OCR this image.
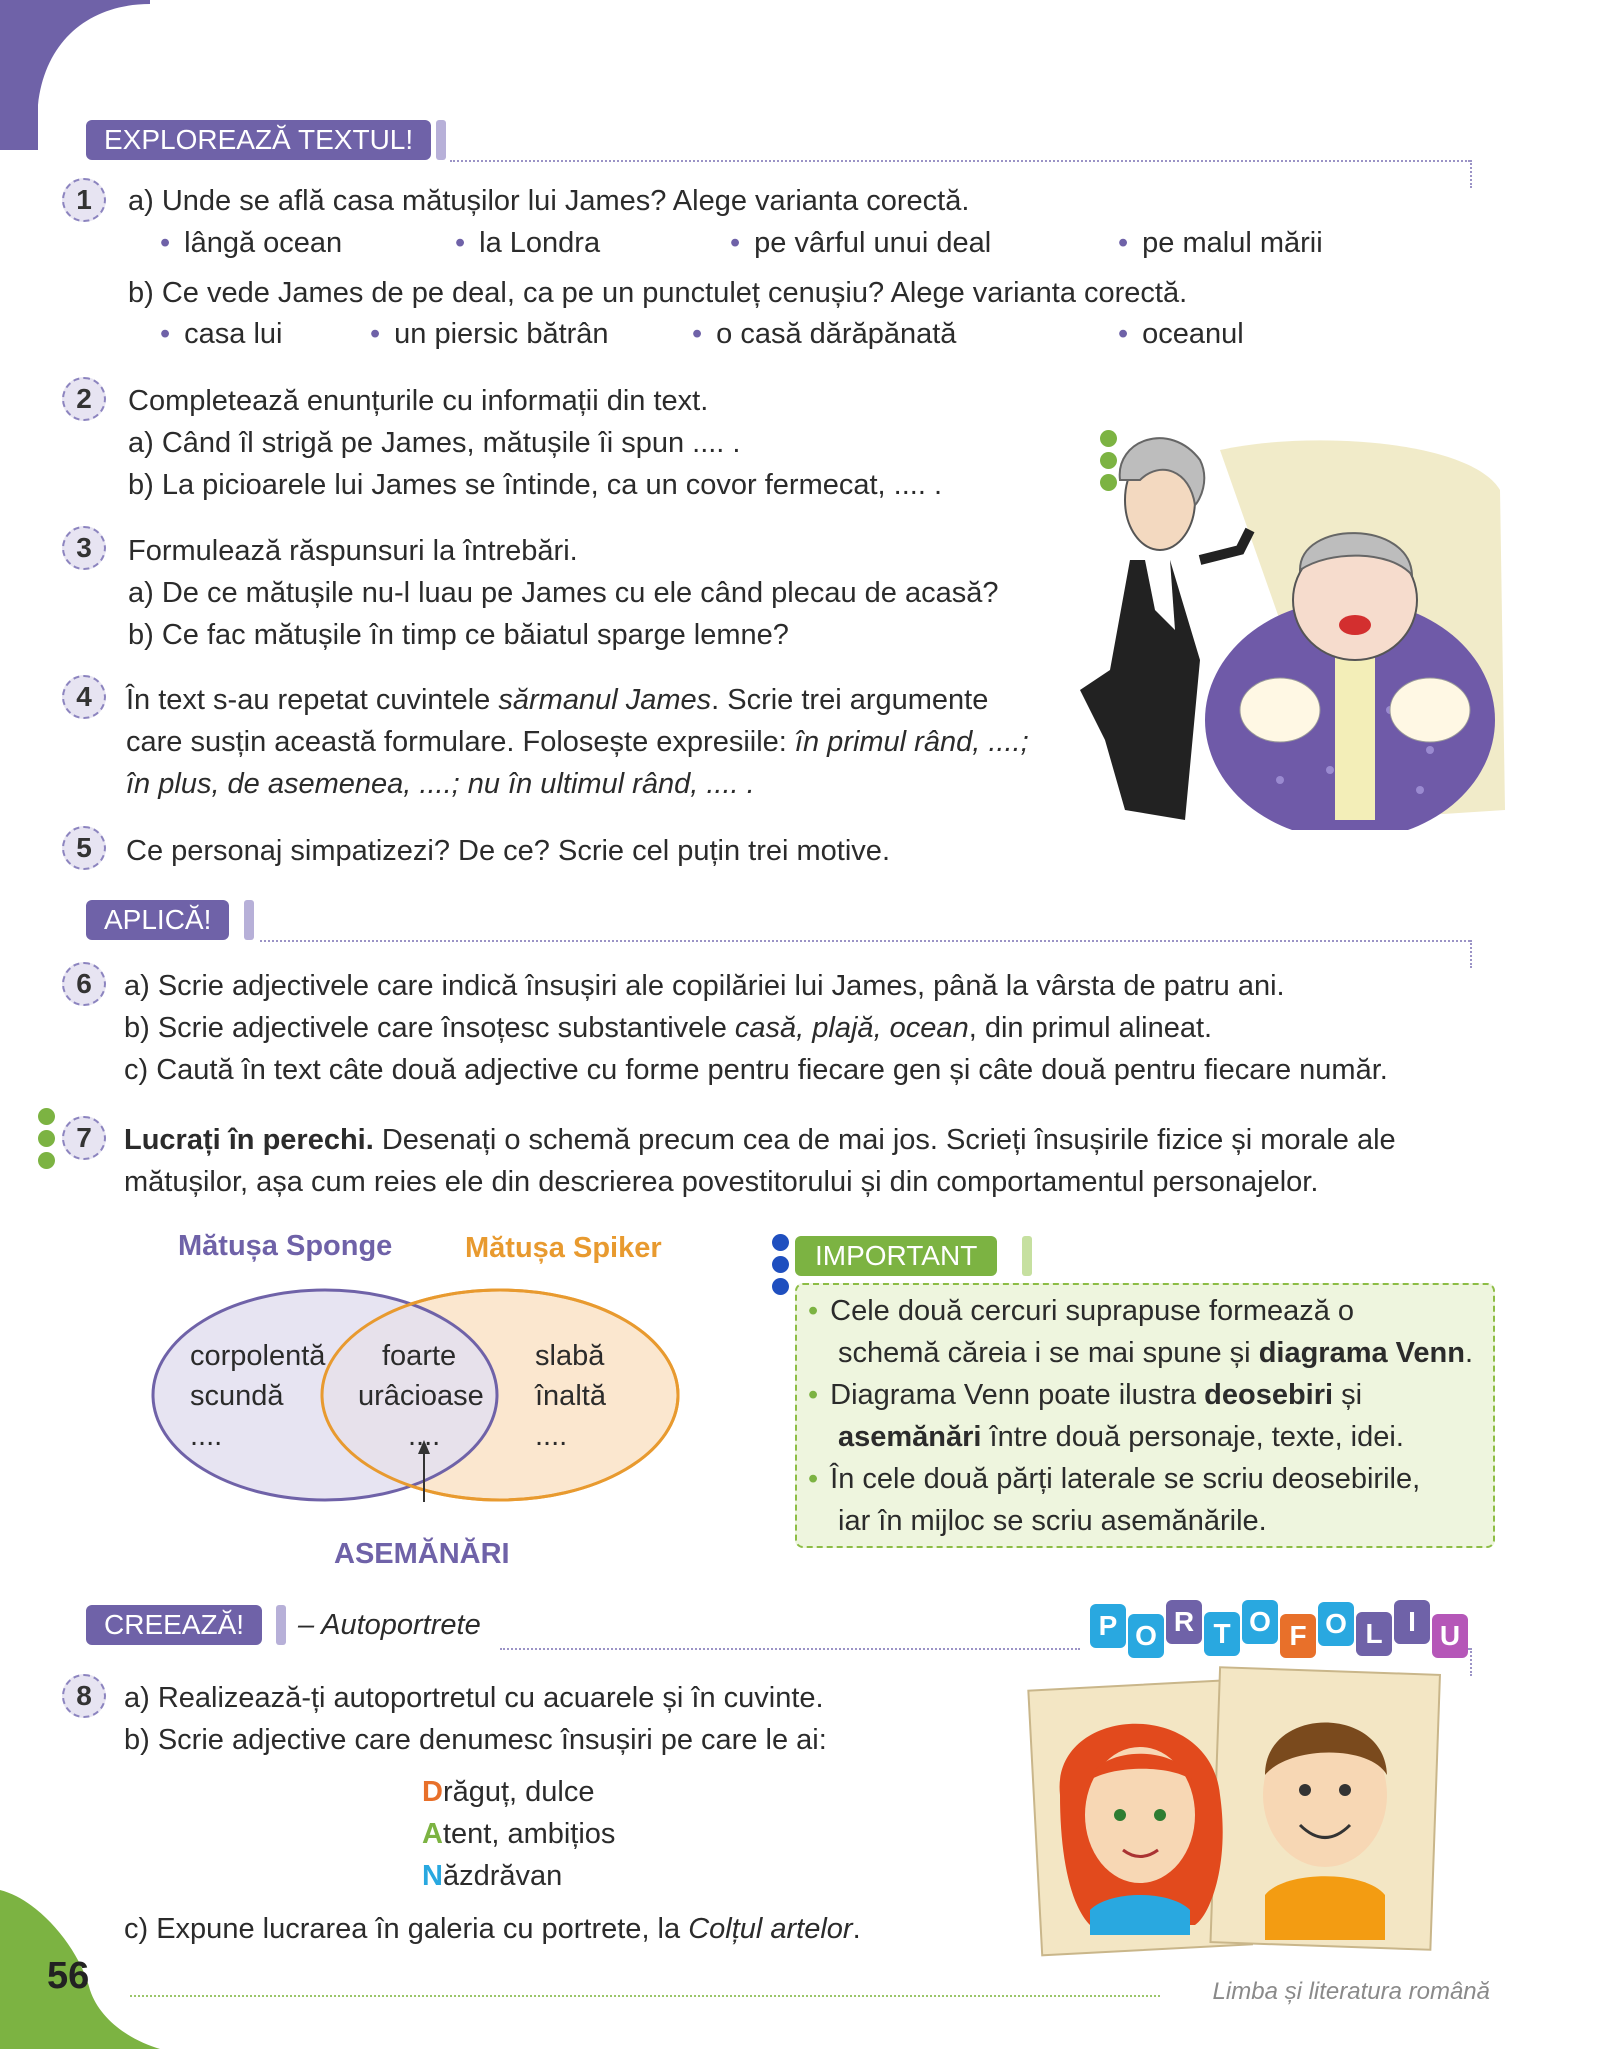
EXPLOREAZĂ TEXTUL!
1	a) Unde se află casa mătușilor lui James? Alege varianta corectă.
• lângă ocean	• la Londra	• pe vârful unui deal	• pe malul mării
b) Ce vede James de pe deal, ca pe un punctuleț cenușiu? Alege varianta corectă.
• casa lui	• un piersic bătrân	• o casă dărăpănată	• oceanul
2	Completează enunțurile cu informații din text.
a) Când îl strigă pe James, mătușile îi spun .... .
b) La picioarele lui James se întinde, ca un covor fermecat, .... .
3	Formulează răspunsuri la întrebări.
a) De ce mătușile nu-l luau pe James cu ele când plecau de acasă?
b) Ce fac mătușile în timp ce băiatul sparge lemne?
4	În text s-au repetat cuvintele sărmanul James. Scrie trei argumente
care susțin această formulare. Folosește expresiile: în primul rând, ....;
în plus, de asemenea, ....; nu în ultimul rând, .... .
5	Ce personaj simpatizezi? De ce? Scrie cel puțin trei motive.
APLICĂ!
6	a) Scrie adjectivele care indică însușiri ale copilăriei lui James, până la vârsta de patru ani.
b) Scrie adjectivele care însoțesc substantivele casă, plajă, ocean, din primul alineat.
c) Caută în text câte două adjective cu forme pentru fiecare gen și câte două pentru fiecare număr.
7	Lucrați în perechi. Desenați o schemă precum cea de mai jos. Scrieți însușirile fizice și morale ale
mătușilor, așa cum reies ele din descrierea povestitorului și din comportamentul personajelor.
Mătușa Sponge	Mătușa Spiker
corpolentă
scundă
....
foarte
urâcioase
....
slabă
înaltă
....
ASEMĂNĂRI
IMPORTANT
• Cele două cercuri suprapuse formează o
schemă căreia i se mai spune și diagrama Venn.
• Diagrama Venn poate ilustra deosebiri și
asemănări între două personaje, texte, idei.
• În cele două părți laterale se scriu deosebirile,
iar în mijloc se scriu asemănările.
CREEAZĂ!	– Autoportrete	P O R T O F O L I U
8	a) Realizează-ți autoportretul cu acuarele și în cuvinte.
b) Scrie adjective care denumesc însușiri pe care le ai:
Drăguț, dulce
Atent, ambițios
Năzdrăvan
c) Expune lucrarea în galeria cu portrete, la Colțul artelor.
56	Limba și literatura română
